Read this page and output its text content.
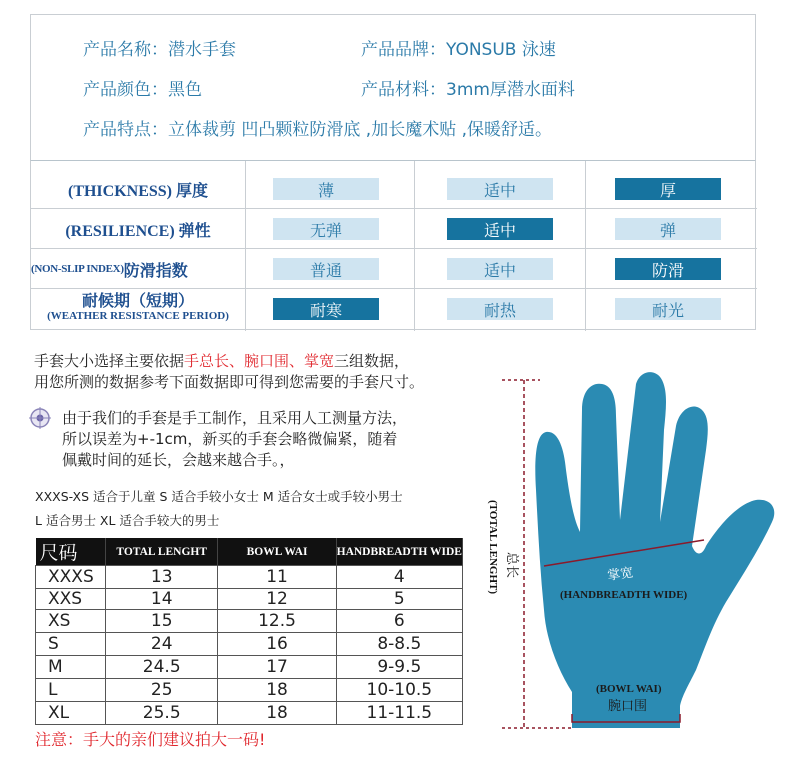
产品名称：潜水手套	产品品牌：YONSUB 泳速
产品颜色：黑色	产品材料：3mm厚潜水面料
产品特点：立体裁剪 凹凸颗粒防滑底 ,加长魔术贴 ,保暖舒适。
(THICKNESS) 厚度	薄	适中	厚
(RESILIENCE) 弹性	无弹	适中	弹
(NON-SLIP INDEX) 防滑指数	普通	适中	防滑
耐候期（短期）
(WEATHER RESISTANCE PERIOD)	耐寒	耐热	耐光
手套大小选择主要依据手总长、腕口围、掌宽三组数据，
用您所测的数据参考下面数据即可得到您需要的手套尺寸。
由于我们的手套是手工制作，且采用人工测量方法，
所以误差为+-1cm，新买的手套会略微偏紧，随着
佩戴时间的延长，会越来越合手。，
XXXS-XS 适合于儿童 S 适合手较小女士 M 适合女士或手较小男士
L 适合男士 XL 适合手较大的男士
尺码	TOTAL LENGHT	BOWL WAI	HANDBREADTH WIDE
XXXS	13	11	4
XXS	14	12	5
XS	15	12.5	6
S	24	16	8-8.5
M	24.5	17	9-9.5
L	25	18	10-10.5
XL	25.5	18	11-11.5
注意：手大的亲们建议拍大一码!
总长
(TOTAL LENGHT)	掌宽
(HANDBREADTH WIDE)
(BOWL WAI)
腕口围
